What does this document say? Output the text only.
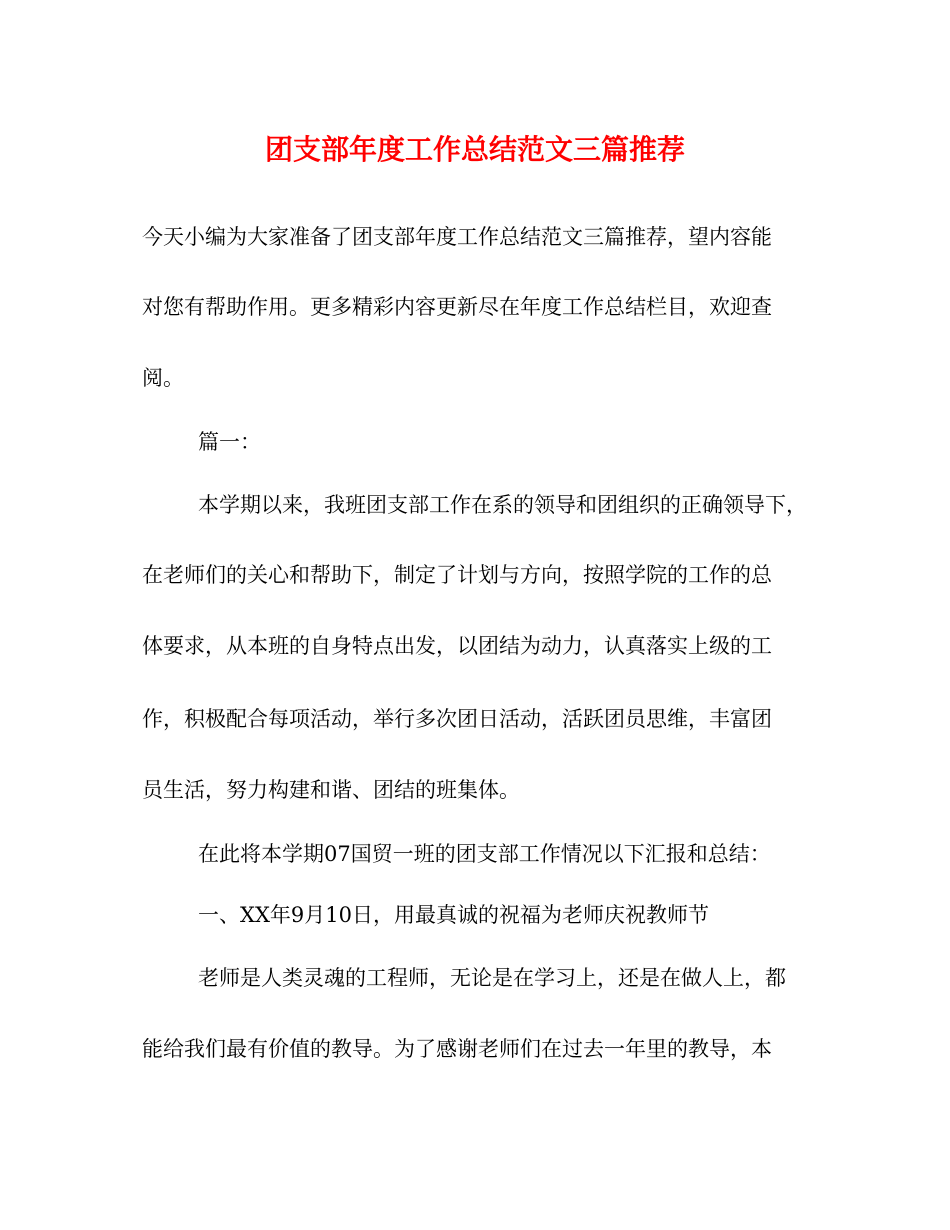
团支部年度工作总结范文三篇推荐

今天小编为大家准备了团支部年度工作总结范文三篇推荐，望内容能

对您有帮助作用。更多精彩内容更新尽在年度工作总结栏目，欢迎查

阅。

篇一：

本学期以来，我班团支部工作在系的领导和团组织的正确领导下，

在老师们的关心和帮助下，制定了计划与方向，按照学院的工作的总

体要求，从本班的自身特点出发，以团结为动力，认真落实上级的工

作，积极配合每项活动，举行多次团日活动，活跃团员思维，丰富团

员生活，努力构建和谐、团结的班集体。

在此将本学期07国贸一班的团支部工作情况以下汇报和总结：

一、XX年9月10日，用最真诚的祝福为老师庆祝教师节

老师是人类灵魂的工程师，无论是在学习上，还是在做人上，都

能给我们最有价值的教导。为了感谢老师们在过去一年里的教导，本
